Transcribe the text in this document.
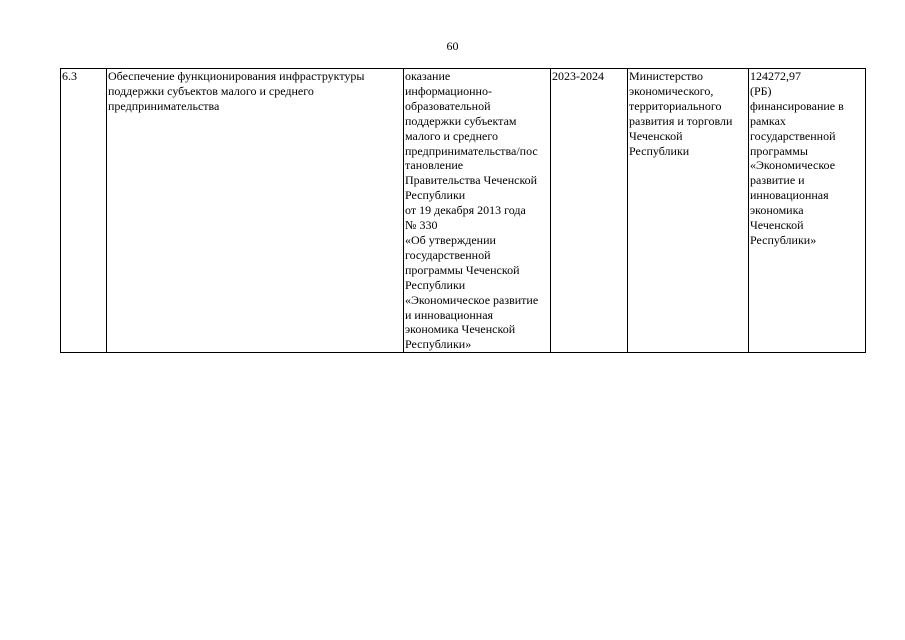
60
6.3	Обеспечение функционирования инфраструктуры
поддержки субъектов малого и среднего
предпринимательства	оказание
информационно-
образовательной
поддержки субъектам
малого и среднего
предпринимательства/пос
тановление
Правительства Чеченской
Республики
от 19 декабря 2013 года
№ 330
«Об утверждении
государственной
программы Чеченской
Республики
«Экономическое развитие
и инновационная
экономика Чеченской
Республики»	2023-2024	Министерство
экономического,
территориального
развития и торговли
Чеченской
Республики	124272,97
(РБ)
финансирование в
рамках
государственной
программы
«Экономическое
развитие и
инновационная
экономика
Чеченской
Республики»
